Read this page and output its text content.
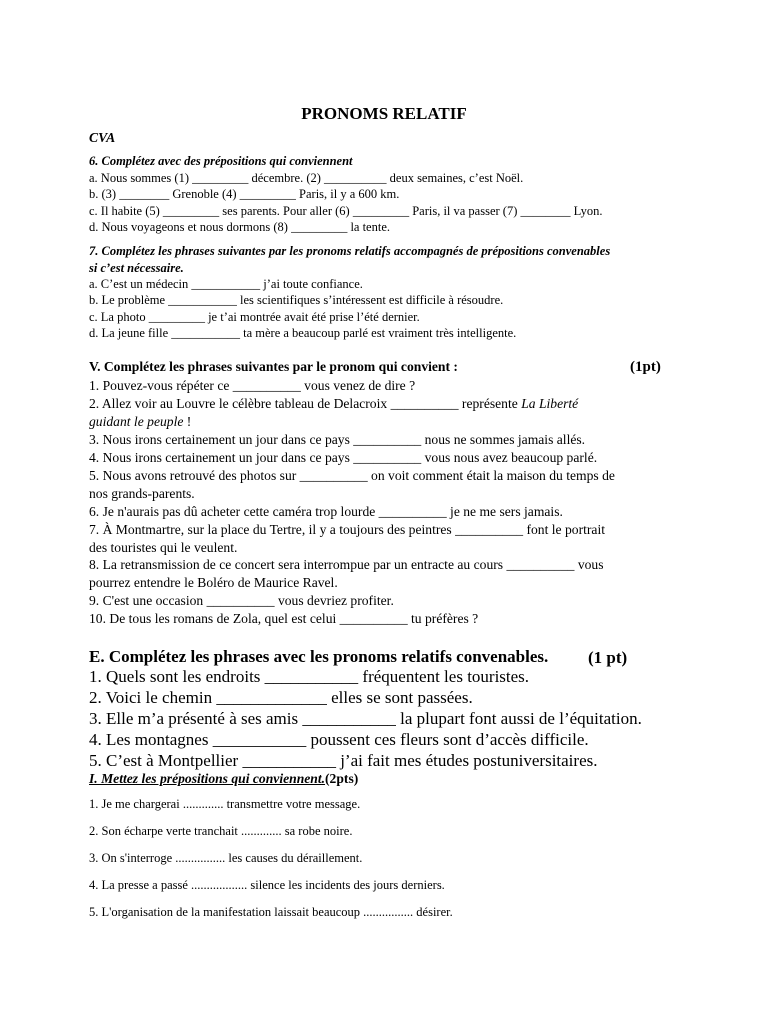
PRONOMS RELATIF
CVA
6. Complétez avec des prépositions qui conviennent
a. Nous sommes (1) _________ décembre. (2) __________ deux semaines, c’est Noël.
b. (3) ________ Grenoble (4) _________ Paris, il y a 600 km.
c. Il habite (5) _________ ses parents. Pour aller (6) _________ Paris, il va passer (7) ________ Lyon.
d. Nous voyageons et nous dormons (8) _________ la tente.
7. Complétez les phrases suivantes par les pronoms relatifs accompagnés de prépositions convenables
si c’est nécessaire.
a. C’est un médecin ___________ j’ai toute confiance.
b. Le problème ___________ les scientifiques s’intéressent est difficile à résoudre.
c. La photo _________ je t’ai montrée avait été prise l’été dernier.
d. La jeune fille ___________ ta mère a beaucoup parlé est vraiment très intelligente.
V. Complétez les phrases suivantes par le pronom qui convient :	(1pt)
1. Pouvez-vous répéter ce __________ vous venez de dire ?
2. Allez voir au Louvre le célèbre tableau de Delacroix __________ représente La Liberté
guidant le peuple !
3. Nous irons certainement un jour dans ce pays __________ nous ne sommes jamais allés.
4. Nous irons certainement un jour dans ce pays __________ vous nous avez beaucoup parlé.
5. Nous avons retrouvé des photos sur __________ on voit comment était la maison du temps de
nos grands-parents.
6. Je n'aurais pas dû acheter cette caméra trop lourde __________ je ne me sers jamais.
7. À Montmartre, sur la place du Tertre, il y a toujours des peintres __________ font le portrait
des touristes qui le veulent.
8. La retransmission de ce concert sera interrompue par un entracte au cours __________ vous
pourrez entendre le Boléro de Maurice Ravel.
9. C'est une occasion __________ vous devriez profiter.
10. De tous les romans de Zola, quel est celui __________ tu préfères ?
E. Complétez les phrases avec les pronoms relatifs convenables. (1 pt)
1. Quels sont les endroits ___________ fréquentent les touristes.
2. Voici le chemin _____________ elles se sont passées.
3. Elle m’a présenté à ses amis ___________ la plupart font aussi de l’équitation.
4. Les montagnes ___________ poussent ces fleurs sont d’accès difficile.
5. C’est à Montpellier ___________ j’ai fait mes études postuniversitaires.
I. Mettez les prépositions qui conviennent.(2pts)
1. Je me chargerai ............. transmettre votre message.
2. Son écharpe verte tranchait ............. sa robe noire.
3. On s'interroge ................ les causes du déraillement.
4. La presse a passé .................. silence les incidents des jours derniers.
5. L'organisation de la manifestation laissait beaucoup ................ désirer.
